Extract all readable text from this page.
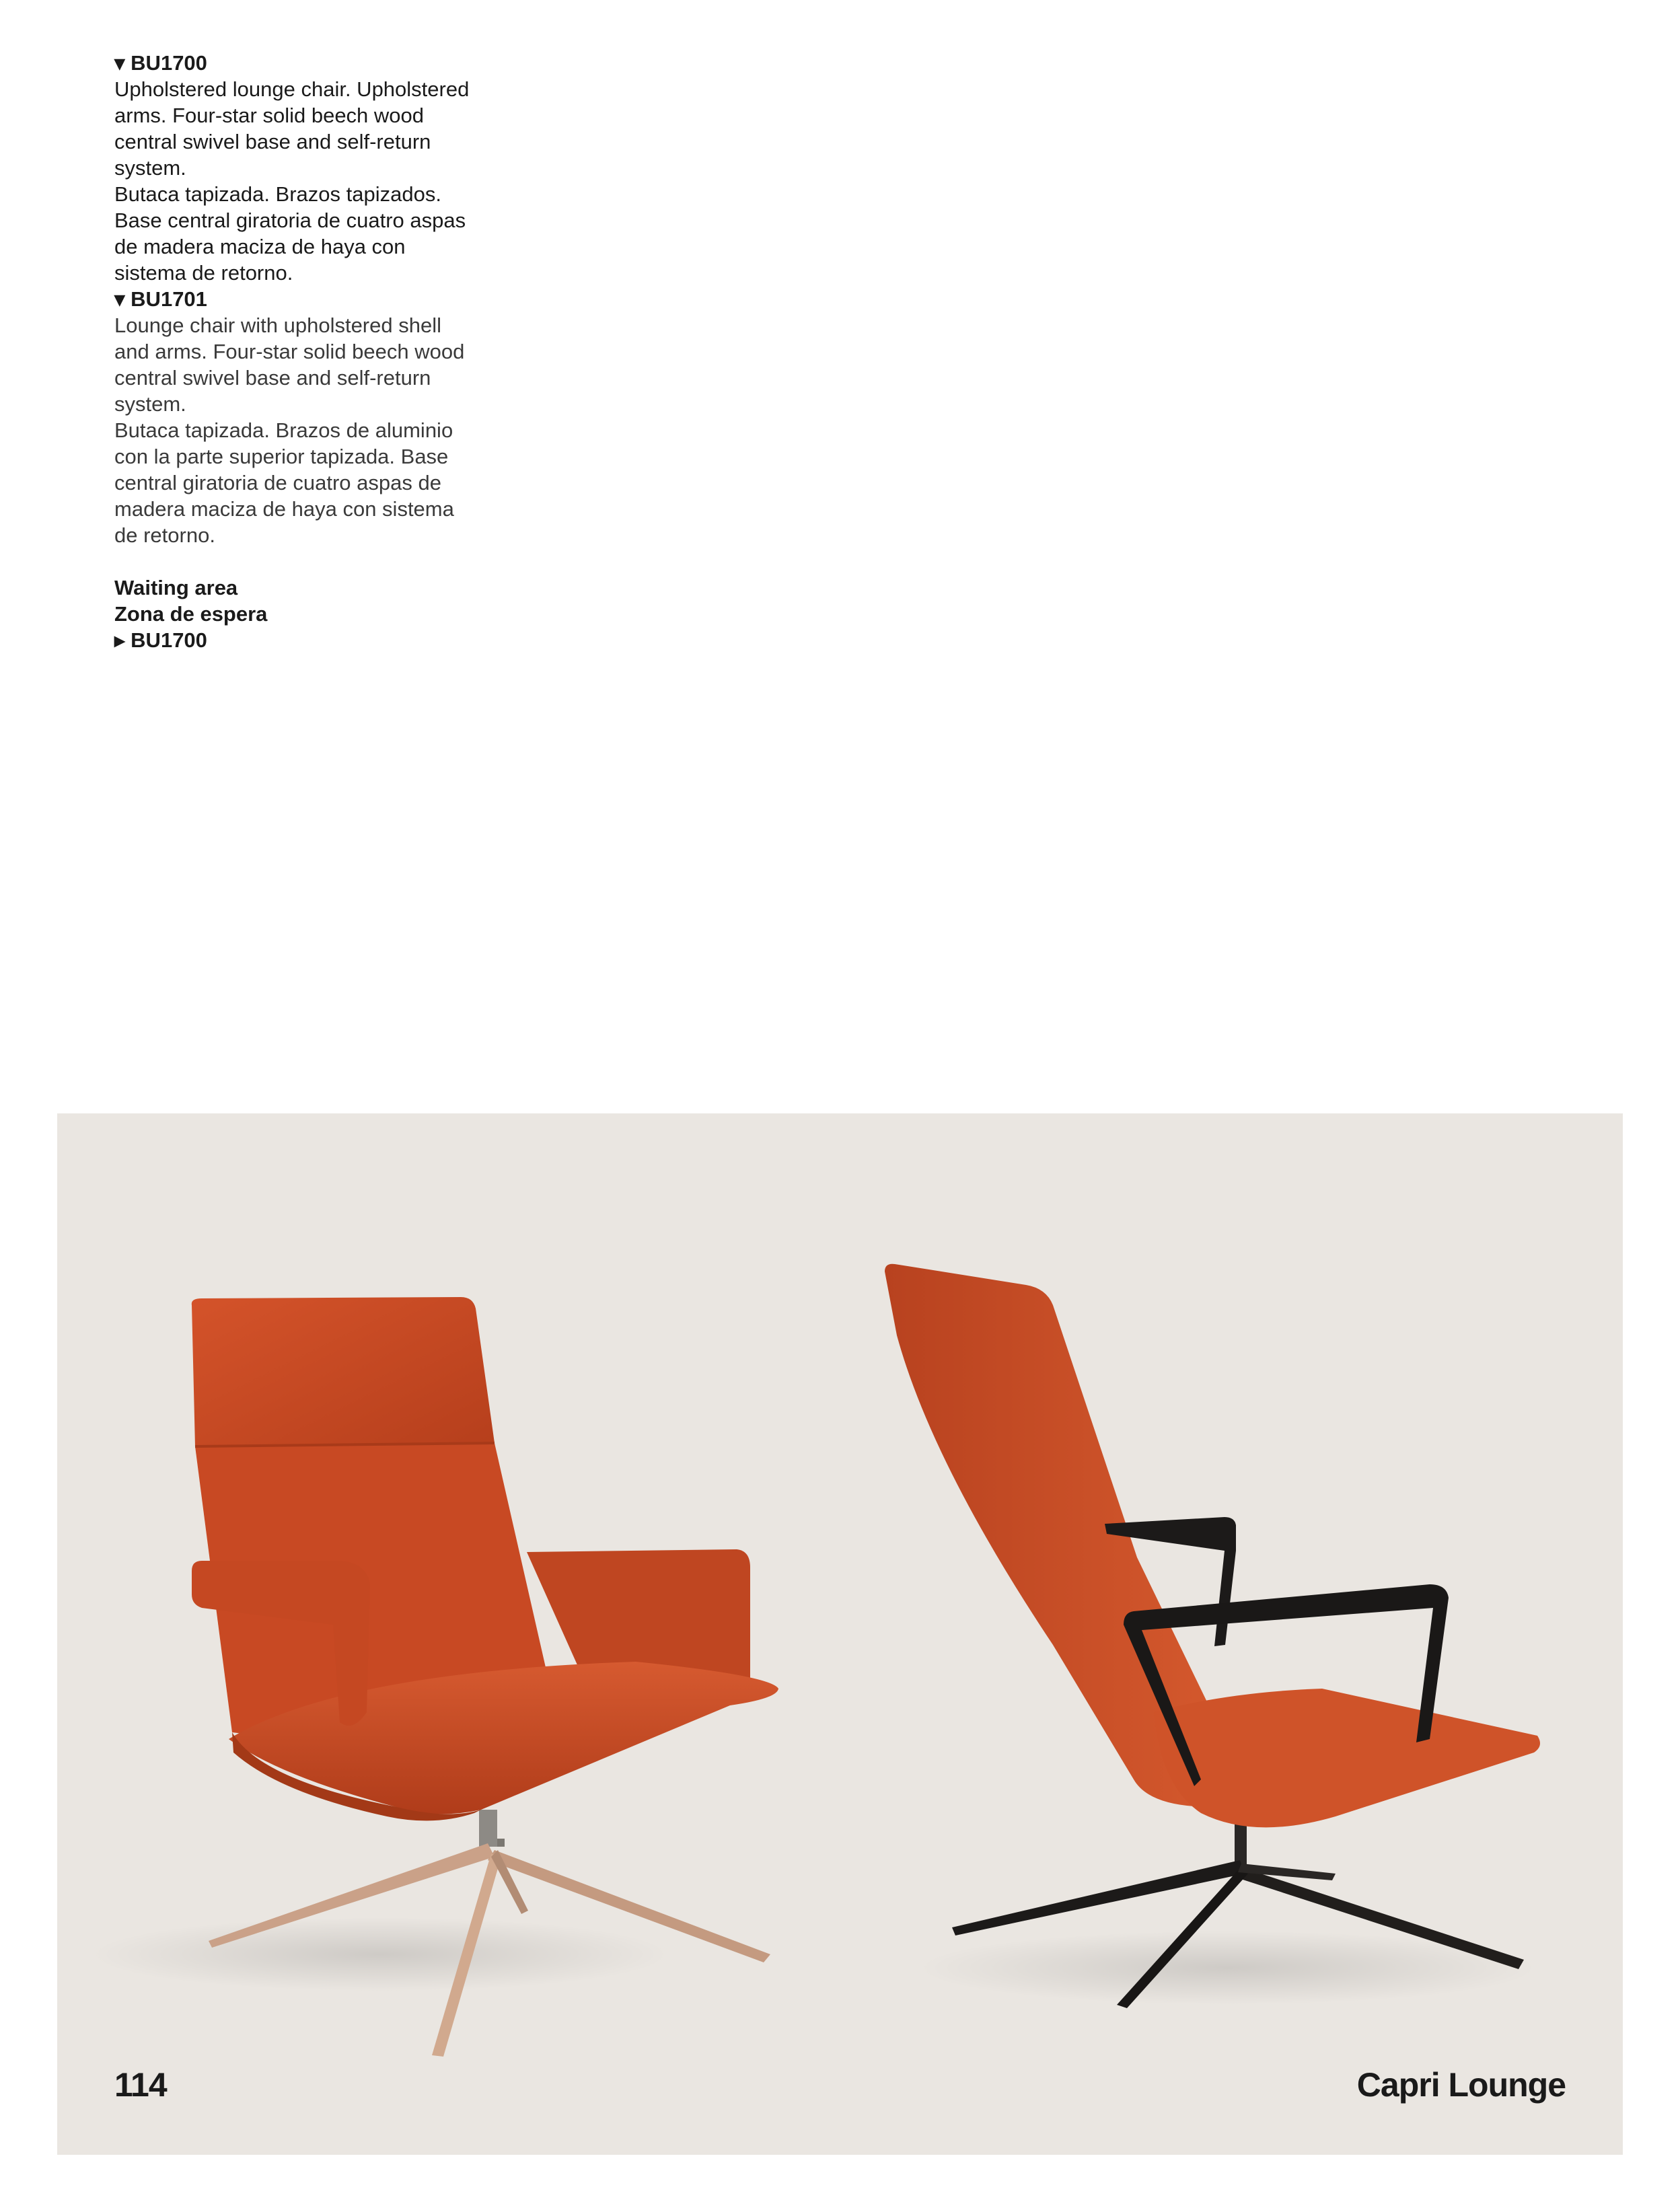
▾ BU1700

Upholstered lounge chair. Upholstered

arms. Four-star solid beech wood

central swivel base and self-return

system.

Butaca tapizada. Brazos tapizados.

Base central giratoria de cuatro aspas

de madera maciza de haya con

sistema de retorno.

▾ BU1701

Lounge chair with upholstered shell

and arms. Four-star solid beech wood

central swivel base and self-return

system.

Butaca tapizada. Brazos de aluminio

con la parte superior tapizada. Base

central giratoria de cuatro aspas de

madera maciza de haya con sistema

de retorno.

Waiting area

Zona de espera

▸ BU1700

114	Capri Lounge
